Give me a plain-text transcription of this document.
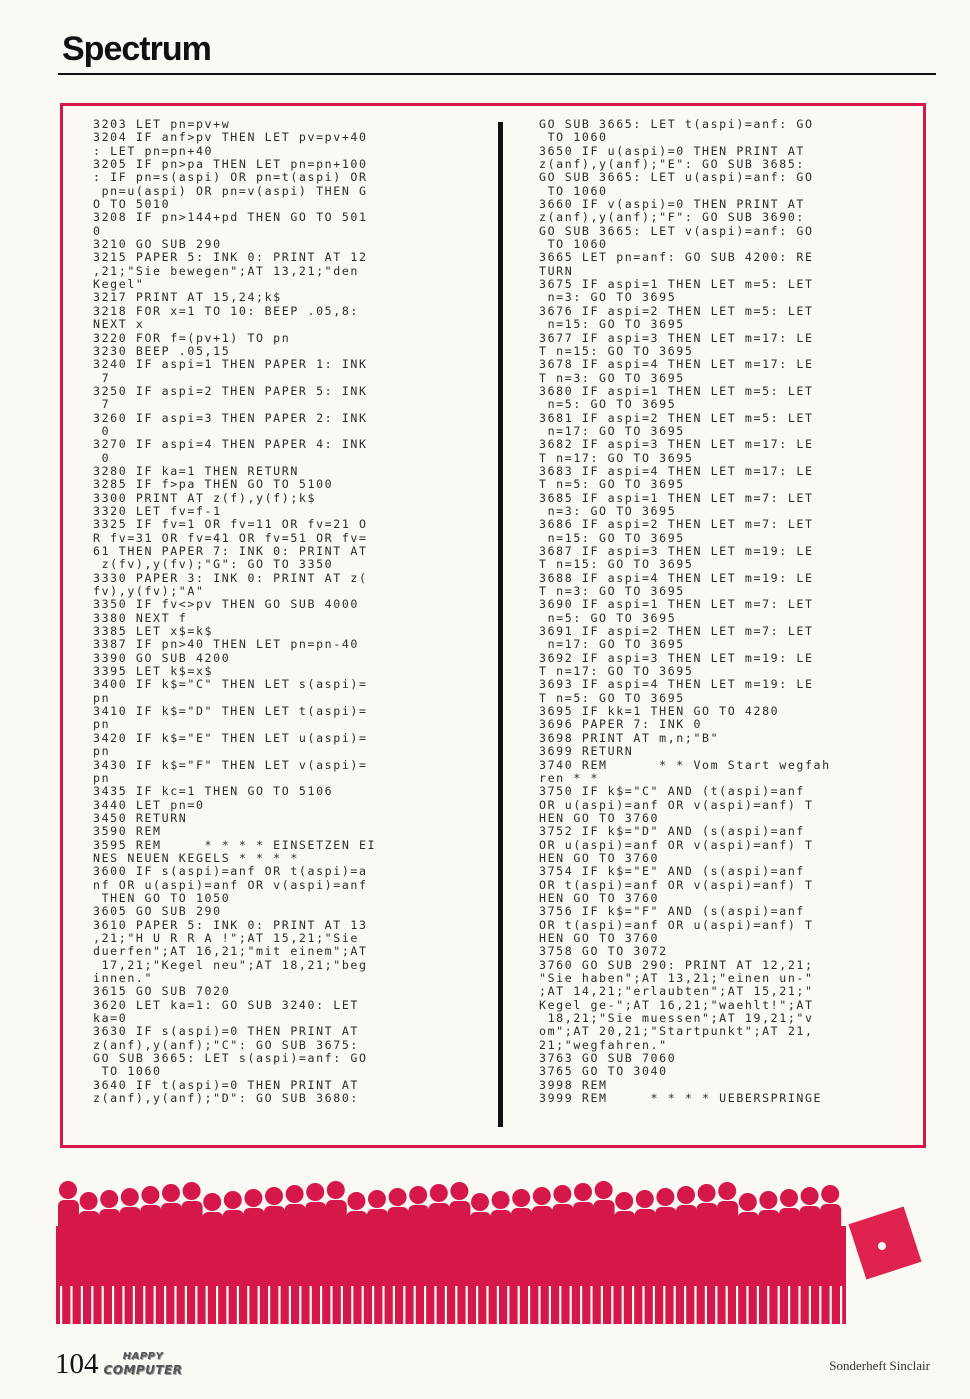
Spectrum
3203 LET pn=pv+w
3204 IF anf>pv THEN LET pv=pv+40
: LET pn=pn+40
3205 IF pn>pa THEN LET pn=pn+100
: IF pn=s(aspi) OR pn=t(aspi) OR
pn=u(aspi) OR pn=v(aspi) THEN G
O TO 5010
3208 IF pn>144+pd THEN GO TO 501
0
3210 GO SUB 290
3215 PAPER 5: INK 0: PRINT AT 12
,21;"Sie bewegen";AT 13,21;"den
Kegel"
3217 PRINT AT 15,24;k$
3218 FOR x=1 TO 10: BEEP .05,8:
NEXT x
3220 FOR f=(pv+1) TO pn
3230 BEEP .05,15
3240 IF aspi=1 THEN PAPER 1: INK
7
3250 IF aspi=2 THEN PAPER 5: INK
7
3260 IF aspi=3 THEN PAPER 2: INK
0
3270 IF aspi=4 THEN PAPER 4: INK
0
3280 IF ka=1 THEN RETURN
3285 IF f>pa THEN GO TO 5100
3300 PRINT AT z(f),y(f);k$
3320 LET fv=f-1
3325 IF fv=1 OR fv=11 OR fv=21 O
R fv=31 OR fv=41 OR fv=51 OR fv=
61 THEN PAPER 7: INK 0: PRINT AT
z(fv),y(fv);"G": GO TO 3350
3330 PAPER 3: INK 0: PRINT AT z(
fv),y(fv);"A"
3350 IF fv<>pv THEN GO SUB 4000
3380 NEXT f
3385 LET x$=k$
3387 IF pn>40 THEN LET pn=pn-40
3390 GO SUB 4200
3395 LET k$=x$
3400 IF k$="C" THEN LET s(aspi)=
pn
3410 IF k$="D" THEN LET t(aspi)=
pn
3420 IF k$="E" THEN LET u(aspi)=
pn
3430 IF k$="F" THEN LET v(aspi)=
pn
3435 IF kc=1 THEN GO TO 5106
3440 LET pn=0
3450 RETURN
3590 REM
3595 REM     * * * * EINSETZEN EI
NES NEUEN KEGELS * * * *
3600 IF s(aspi)=anf OR t(aspi)=a
nf OR u(aspi)=anf OR v(aspi)=anf
THEN GO TO 1050
3605 GO SUB 290
3610 PAPER 5: INK 0: PRINT AT 13
,21;"H U R R A !";AT 15,21;"Sie
duerfen";AT 16,21;"mit einem";AT
17,21;"Kegel neu";AT 18,21;"beg
innen."
3615 GO SUB 7020
3620 LET ka=1: GO SUB 3240: LET
ka=0
3630 IF s(aspi)=0 THEN PRINT AT
z(anf),y(anf);"C": GO SUB 3675:
GO SUB 3665: LET s(aspi)=anf: GO
TO 1060
3640 IF t(aspi)=0 THEN PRINT AT
z(anf),y(anf);"D": GO SUB 3680:
GO SUB 3665: LET t(aspi)=anf: GO
TO 1060
3650 IF u(aspi)=0 THEN PRINT AT
z(anf),y(anf);"E": GO SUB 3685:
GO SUB 3665: LET u(aspi)=anf: GO
TO 1060
3660 IF v(aspi)=0 THEN PRINT AT
z(anf),y(anf);"F": GO SUB 3690:
GO SUB 3665: LET v(aspi)=anf: GO
TO 1060
3665 LET pn=anf: GO SUB 4200: RE
TURN
3675 IF aspi=1 THEN LET m=5: LET
n=3: GO TO 3695
3676 IF aspi=2 THEN LET m=5: LET
n=15: GO TO 3695
3677 IF aspi=3 THEN LET m=17: LE
T n=15: GO TO 3695
3678 IF aspi=4 THEN LET m=17: LE
T n=3: GO TO 3695
3680 IF aspi=1 THEN LET m=5: LET
n=5: GO TO 3695
3681 IF aspi=2 THEN LET m=5: LET
n=17: GO TO 3695
3682 IF aspi=3 THEN LET m=17: LE
T n=17: GO TO 3695
3683 IF aspi=4 THEN LET m=17: LE
T n=5: GO TO 3695
3685 IF aspi=1 THEN LET m=7: LET
n=3: GO TO 3695
3686 IF aspi=2 THEN LET m=7: LET
n=15: GO TO 3695
3687 IF aspi=3 THEN LET m=19: LE
T n=15: GO TO 3695
3688 IF aspi=4 THEN LET m=19: LE
T n=3: GO TO 3695
3690 IF aspi=1 THEN LET m=7: LET
n=5: GO TO 3695
3691 IF aspi=2 THEN LET m=7: LET
n=17: GO TO 3695
3692 IF aspi=3 THEN LET m=19: LE
T n=17: GO TO 3695
3693 IF aspi=4 THEN LET m=19: LE
T n=5: GO TO 3695
3695 IF kk=1 THEN GO TO 4280
3696 PAPER 7: INK 0
3698 PRINT AT m,n;"B"
3699 RETURN
3740 REM      * * Vom Start wegfah
ren * *
3750 IF k$="C" AND (t(aspi)=anf
OR u(aspi)=anf OR v(aspi)=anf) T
HEN GO TO 3760
3752 IF k$="D" AND (s(aspi)=anf
OR u(aspi)=anf OR v(aspi)=anf) T
HEN GO TO 3760
3754 IF k$="E" AND (s(aspi)=anf
OR t(aspi)=anf OR v(aspi)=anf) T
HEN GO TO 3760
3756 IF k$="F" AND (s(aspi)=anf
OR t(aspi)=anf OR u(aspi)=anf) T
HEN GO TO 3760
3758 GO TO 3072
3760 GO SUB 290: PRINT AT 12,21;
"Sie haben";AT 13,21;"einen un-"
;AT 14,21;"erlaubten";AT 15,21;"
Kegel ge-";AT 16,21;"waehlt!";AT
18,21;"Sie muessen";AT 19,21;"v
om";AT 20,21;"Startpunkt";AT 21,
21;"wegfahren."
3763 GO SUB 7060
3765 GO TO 3040
3998 REM
3999 REM     * * * * UEBERSPRINGE
104 HAPPY
COMPUTER	Sonderheft Sinclair
